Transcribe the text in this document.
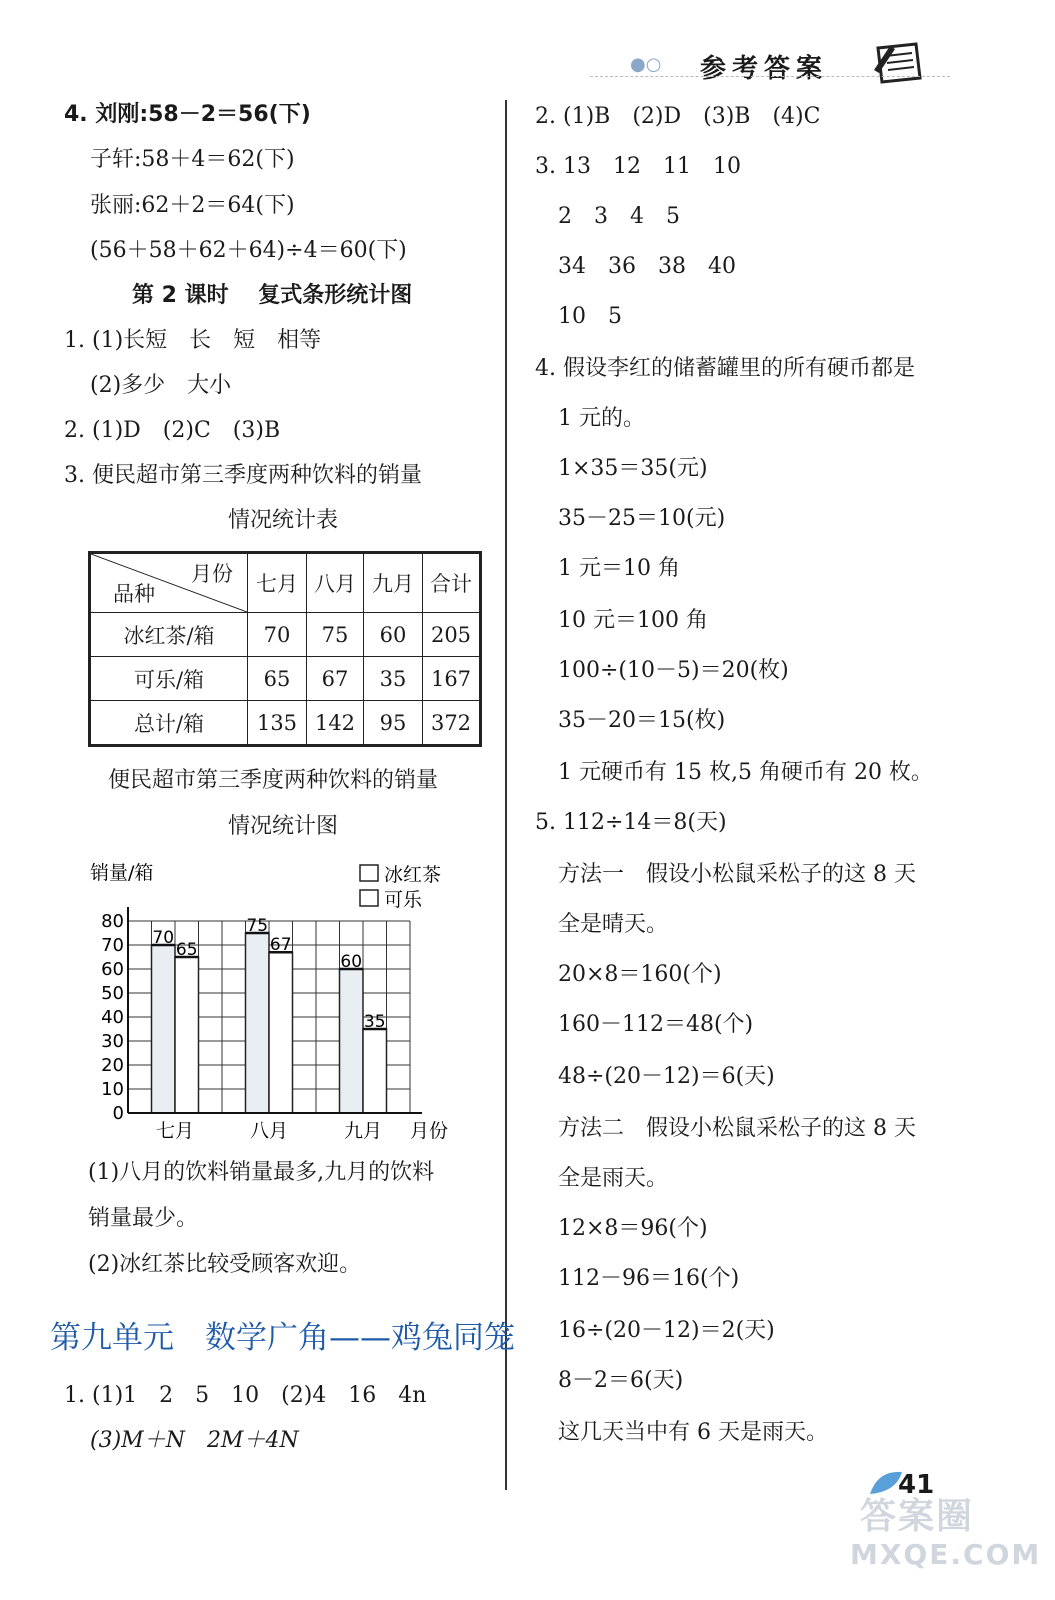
●○ 参考答案
4. 刘刚:58－2＝56(下)
子轩:58＋4＝62(下)
张丽:62＋2＝64(下)
(56＋58＋62＋64)÷4＝60(下)
第 2 课时　 复式条形统计图
1. (1)长短　长　短　相等
(2)多少　大小
2. (1)D　(2)C　(3)B
3. 便民超市第三季度两种饮料的销量
情况统计表
月份
品种	七月	八月	九月	合计
冰红茶/箱	70	75	60	205
可乐/箱	65	67	35	167
总计/箱	135	142	95	372
便民超市第三季度两种饮料的销量
情况统计图
销量/箱	冰红茶
可乐
0
10
20
30
40
50
60
70
80
70
65
75
67
60
35
七月	八月	九月 月份
(1)八月的饮料销量最多,九月的饮料
销量最少。
(2)冰红茶比较受顾客欢迎。
第九单元　数学广角——鸡兔同笼
1. (1)1　2　5　10　(2)4　16　4n
(3)M＋N　2M＋4N
2. (1)B　(2)D　(3)B　(4)C
3. 13　12　11　10
2　3　4　5
34　36　38　40
10　5
4. 假设李红的储蓄罐里的所有硬币都是
1 元的。
1×35＝35(元)
35－25＝10(元)
1 元＝10 角
10 元＝100 角
100÷(10－5)＝20(枚)
35－20＝15(枚)
1 元硬币有 15 枚,5 角硬币有 20 枚。
5. 112÷14＝8(天)
方法一　假设小松鼠采松子的这 8 天
全是晴天。
20×8＝160(个)
160－112＝48(个)
48÷(20－12)＝6(天)
方法二　假设小松鼠采松子的这 8 天
全是雨天。
12×8＝96(个)
112－96＝16(个)
16÷(20－12)＝2(天)
8－2＝6(天)
这几天当中有 6 天是雨天。
41
答案圈
MXQE.COM
